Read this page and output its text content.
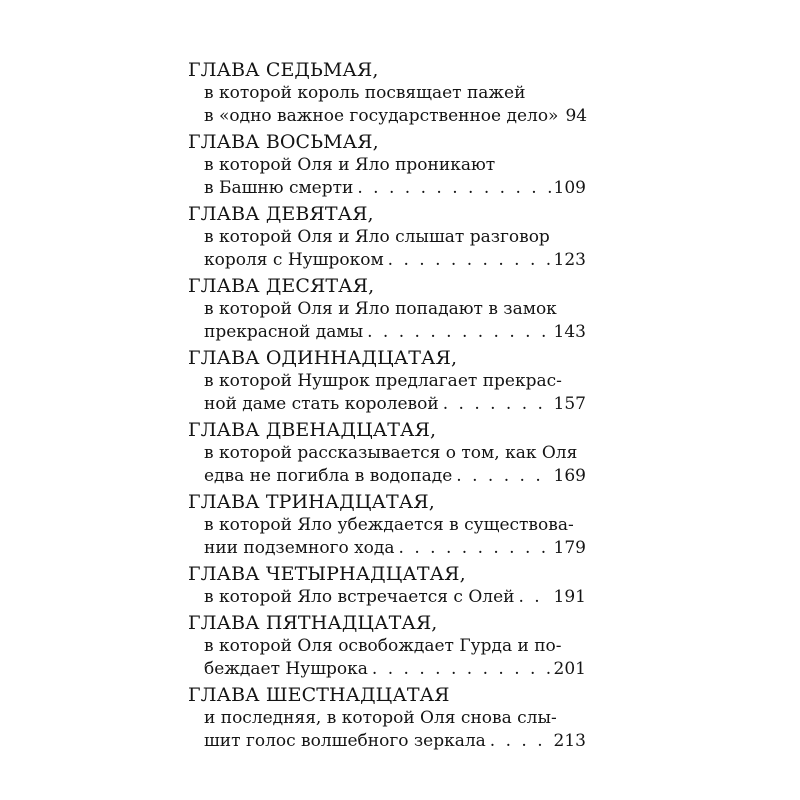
ГЛАВА СЕДЬМАЯ,
в которой король посвящает пажей
в «одно важное государственное дело» 94
ГЛАВА ВОСЬМАЯ,
в которой Оля и Яло проникают
в Башню смерти . . .	109
ГЛАВА ДЕВЯТАЯ,
в которой Оля и Яло слышат разговор
короля с Нушроком . . .	123
ГЛАВА ДЕСЯТАЯ,
в которой Оля и Яло попадают в замок
прекрасной дамы . . .	143
ГЛАВА ОДИННАДЦАТАЯ,
в которой Нушрок предлагает прекрас-
ной даме стать королевой . . .	157
ГЛАВА ДВЕНАДЦАТАЯ,
в которой рассказывается о том, как Оля
едва не погибла в водопаде . . .	169
ГЛАВА ТРИНАДЦАТАЯ,
в которой Яло убеждается в существова-
нии подземного хода . . .	179
ГЛАВА ЧЕТЫРНАДЦАТАЯ,
в которой Яло встречается с Олей . . . 191
ГЛАВА ПЯТНАДЦАТАЯ,
в которой Оля освобождает Гурда и по-
беждает Нушрока . . .	201
ГЛАВА ШЕСТНАДЦАТАЯ
и последняя, в которой Оля снова слы-
шит голос волшебного зеркала . . .	213
